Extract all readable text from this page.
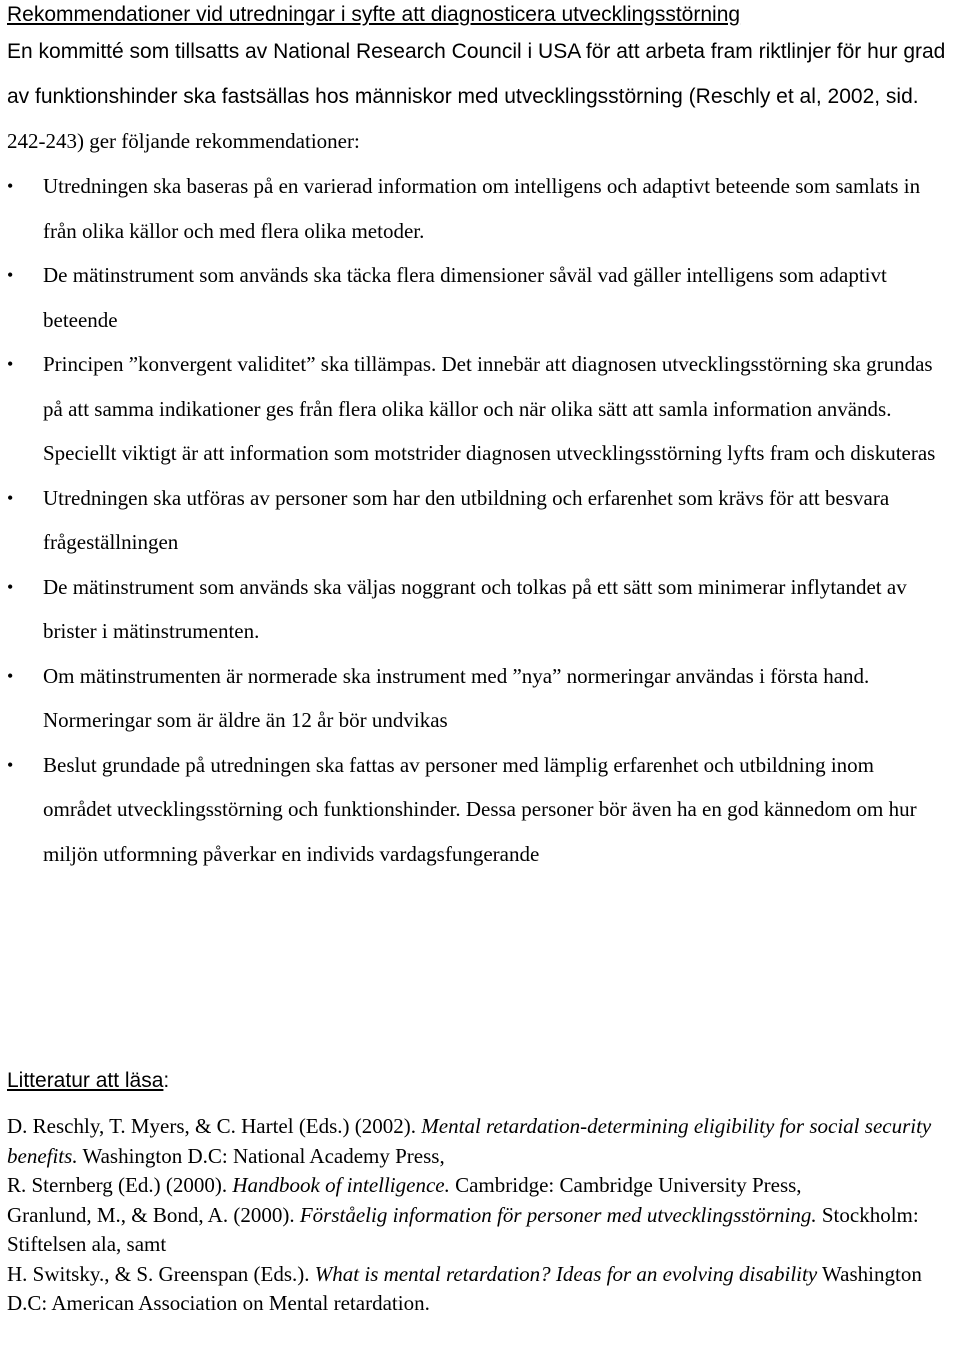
Rekommendationer vid utredningar i syfte att diagnosticera utvecklingsstörning
En kommitté som tillsatts av National Research Council i USA för att arbeta fram riktlinjer för hur grad av funktionshinder ska fastsällas hos människor med utvecklingsstörning (Reschly et al, 2002, sid. 242-243) ger följande rekommendationer:
•	Utredningen ska baseras på en varierad information om intelligens och adaptivt beteende som samlats in från olika källor och med flera olika metoder.
•	De mätinstrument som används ska täcka flera dimensioner såväl vad gäller intelligens som adaptivt beteende
•	Principen ”konvergent validitet” ska tillämpas. Det innebär att diagnosen utvecklingsstörning ska grundas på att samma indikationer ges från flera olika källor och när olika sätt att samla information används. Speciellt viktigt är att information som motstrider diagnosen utvecklingsstörning lyfts fram och diskuteras
•	Utredningen ska utföras av personer som har den utbildning och erfarenhet som krävs för att besvara frågeställningen
•	De mätinstrument som används ska väljas noggrant och tolkas på ett sätt som minimerar inflytandet av brister i mätinstrumenten.
•	Om mätinstrumenten är normerade ska instrument med ”nya” normeringar användas i första hand. Normeringar som är äldre än 12 år bör undvikas
•	Beslut grundade på utredningen ska fattas av personer med lämplig erfarenhet och utbildning inom området utvecklingsstörning och funktionshinder. Dessa personer bör även ha en god kännedom om hur miljön utformning påverkar en individs vardagsfungerande
Litteratur att läsa:

D. Reschly, T. Myers, & C. Hartel (Eds.) (2002). Mental retardation-determining eligibility for social security benefits. Washington D.C: National Academy Press,

R. Sternberg (Ed.) (2000). Handbook of intelligence. Cambridge: Cambridge University Press,

Granlund, M., & Bond, A. (2000). Förståelig information för personer med utvecklingsstörning. Stockholm: Stiftelsen ala, samt

H. Switsky., & S. Greenspan (Eds.). What is mental retardation? Ideas for an evolving disability Washington D.C: American Association on Mental retardation.
